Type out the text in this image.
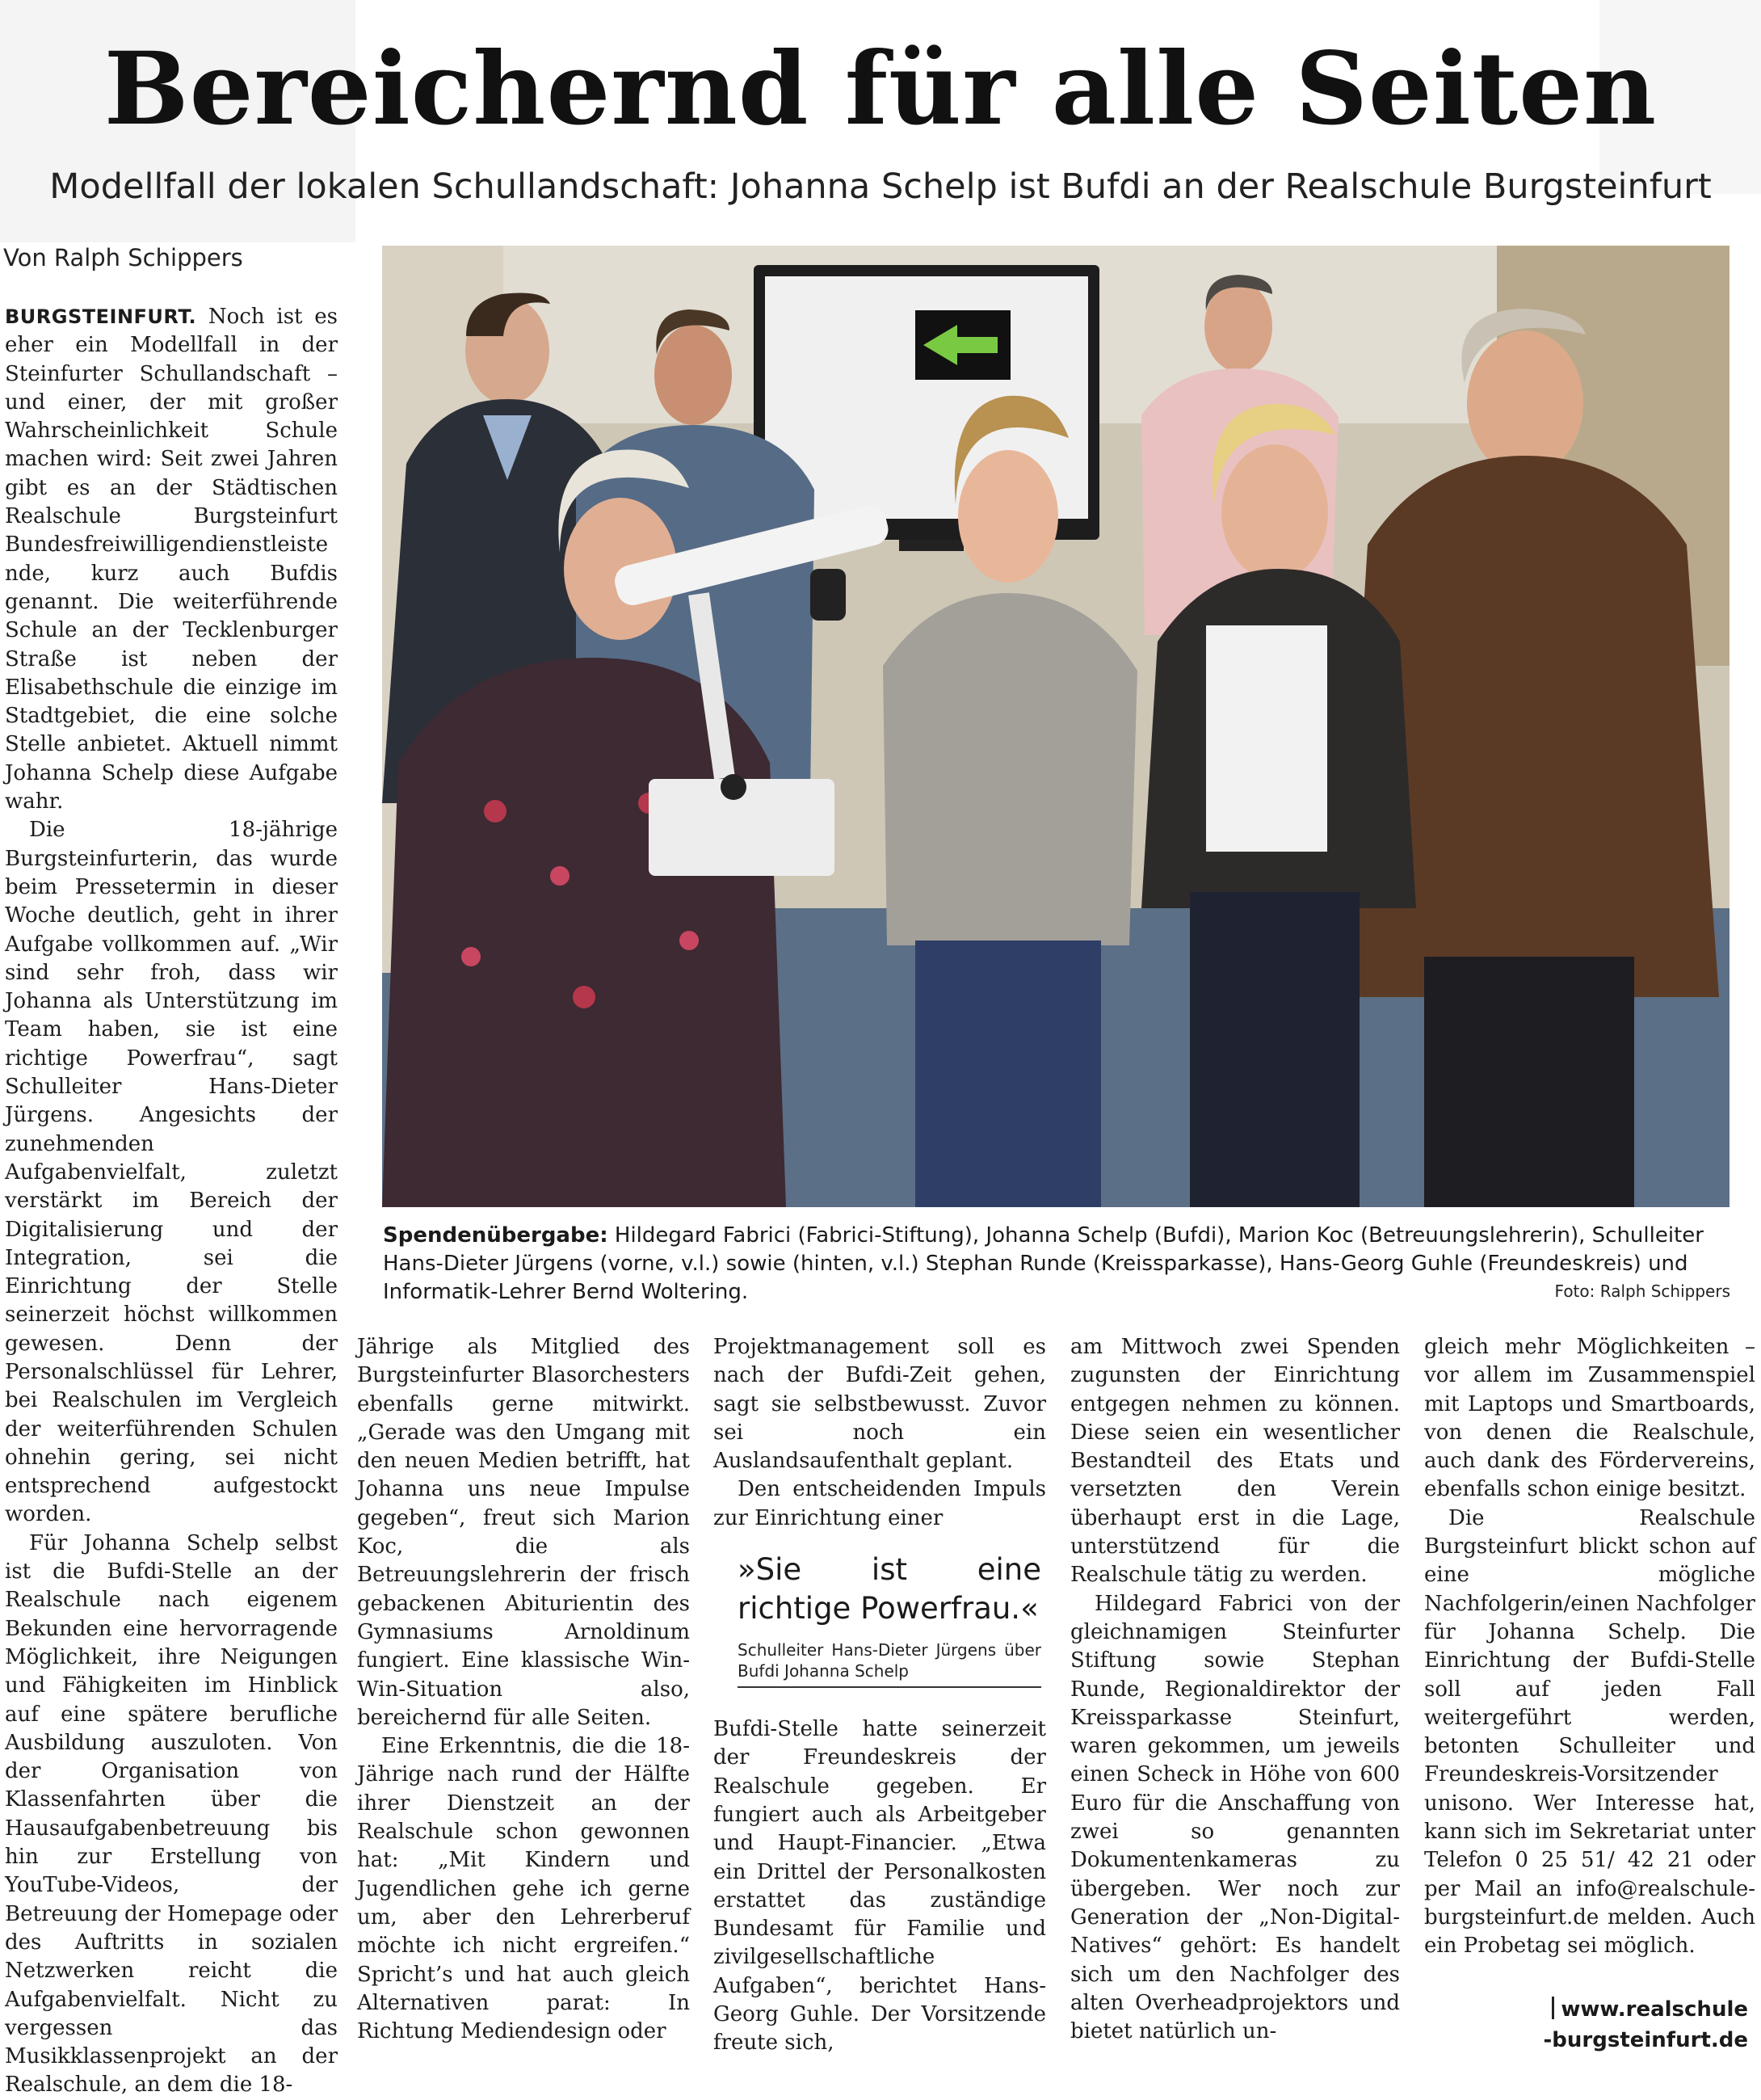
Bereichernd für alle Seiten
Modellfall der lokalen Schullandschaft: Johanna Schelp ist Bufdi an der Realschule Burgsteinfurt
Von Ralph Schippers

BURGSTEINFURT. Noch ist es eher ein Modellfall in der Steinfurter Schullandschaft – und einer, der mit großer Wahrscheinlichkeit Schule machen wird: Seit zwei Jahren gibt es an der Städtischen Realschule Burgsteinfurt Bundesfreiwilligendienstleistende, kurz auch Bufdis genannt. Die weiterführende Schule an der Tecklenburger Straße ist neben der Elisabethschule die einzige im Stadtgebiet, die eine solche Stelle anbietet. Aktuell nimmt Johanna Schelp diese Aufgabe wahr.

Die 18-jährige Burgsteinfurterin, das wurde beim Pressetermin in dieser Woche deutlich, geht in ihrer Aufgabe vollkommen auf. „Wir sind sehr froh, dass wir Johanna als Unterstützung im Team haben, sie ist eine richtige Powerfrau“, sagt Schulleiter Hans-Dieter Jürgens. Angesichts der zunehmenden Aufgabenvielfalt, zuletzt verstärkt im Bereich der Digitalisierung und der Integration, sei die Einrichtung der Stelle seinerzeit höchst willkommen gewesen. Denn der Personalschlüssel für Lehrer, bei Realschulen im Vergleich der weiterführenden Schulen ohnehin gering, sei nicht entsprechend aufgestockt worden.

Für Johanna Schelp selbst ist die Bufdi-Stelle an der Realschule nach eigenem Bekunden eine hervorragende Möglichkeit, ihre Neigungen und Fähigkeiten im Hinblick auf eine spätere berufliche Ausbildung auszuloten. Von der Organisation von Klassenfahrten über die Hausaufgabenbetreuung bis hin zur Erstellung von YouTube-Videos, der Betreuung der Homepage oder des Auftritts in sozialen Netzwerken reicht die Aufgabenvielfalt. Nicht zu vergessen das Musikklassenprojekt an der Realschule, an dem die 18-

Spendenübergabe: Hildegard Fabrici (Fabrici-Stiftung), Johanna Schelp (Bufdi), Marion Koc (Betreuungslehrerin), Schulleiter Hans-Dieter Jürgens (vorne, v.l.) sowie (hinten, v.l.) Stephan Runde (Kreissparkasse), Hans-Georg Guhle (Freundeskreis) und Informatik-Lehrer Bernd Woltering.	Foto: Ralph Schippers

Jährige als Mitglied des Burgsteinfurter Blasorchesters ebenfalls gerne mitwirkt. „Gerade was den Umgang mit den neuen Medien betrifft, hat Johanna uns neue Impulse gegeben“, freut sich Marion Koc, die als Betreuungslehrerin der frisch gebackenen Abiturientin des Gymnasiums Arnoldinum fungiert. Eine klassische Win-Win-Situation also, bereichernd für alle Seiten.

Eine Erkenntnis, die die 18-Jährige nach rund der Hälfte ihrer Dienstzeit an der Realschule schon gewonnen hat: „Mit Kindern und Jugendlichen gehe ich gerne um, aber den Lehrerberuf möchte ich nicht ergreifen.“ Spricht’s und hat auch gleich Alternativen parat: In Richtung Mediendesign oder

Projektmanagement soll es nach der Bufdi-Zeit gehen, sagt sie selbstbewusst. Zuvor sei noch ein Auslandsaufenthalt geplant.

Den entscheidenden Impuls zur Einrichtung einer

»Sie ist eine richtige Powerfrau.«
Schulleiter Hans-Dieter Jürgens über Bufdi Johanna Schelp

Bufdi-Stelle hatte seinerzeit der Freundeskreis der Realschule gegeben. Er fungiert auch als Arbeitgeber und Haupt-Financier. „Etwa ein Drittel der Personalkosten erstattet das zuständige Bundesamt für Familie und zivilgesellschaftliche Aufgaben“, berichtet Hans-Georg Guhle. Der Vorsitzende freute sich,

am Mittwoch zwei Spenden zugunsten der Einrichtung entgegen nehmen zu können. Diese seien ein wesentlicher Bestandteil des Etats und versetzten den Verein überhaupt erst in die Lage, unterstützend für die Realschule tätig zu werden.

Hildegard Fabrici von der gleichnamigen Steinfurter Stiftung sowie Stephan Runde, Regionaldirektor der Kreissparkasse Steinfurt, waren gekommen, um jeweils einen Scheck in Höhe von 600 Euro für die Anschaffung von zwei so genannten Dokumentenkameras zu übergeben. Wer noch zur Generation der „Non-Digital-Natives“ gehört: Es handelt sich um den Nachfolger des alten Overheadprojektors und bietet natürlich un-

gleich mehr Möglichkeiten – vor allem im Zusammenspiel mit Laptops und Smartboards, von denen die Realschule, auch dank des Fördervereins, ebenfalls schon einige besitzt.

Die Realschule Burgsteinfurt blickt schon auf eine mögliche Nachfolgerin/einen Nachfolger für Johanna Schelp. Die Einrichtung der Bufdi-Stelle soll auf jeden Fall weitergeführt werden, betonten Schulleiter und Freundeskreis-Vorsitzender unisono. Wer Interesse hat, kann sich im Sekretariat unter Telefon 0 25 51/ 42 21 oder per Mail an info@realschule-burgsteinfurt.de melden. Auch ein Probetag sei möglich.

www.realschule
-burgsteinfurt.de
